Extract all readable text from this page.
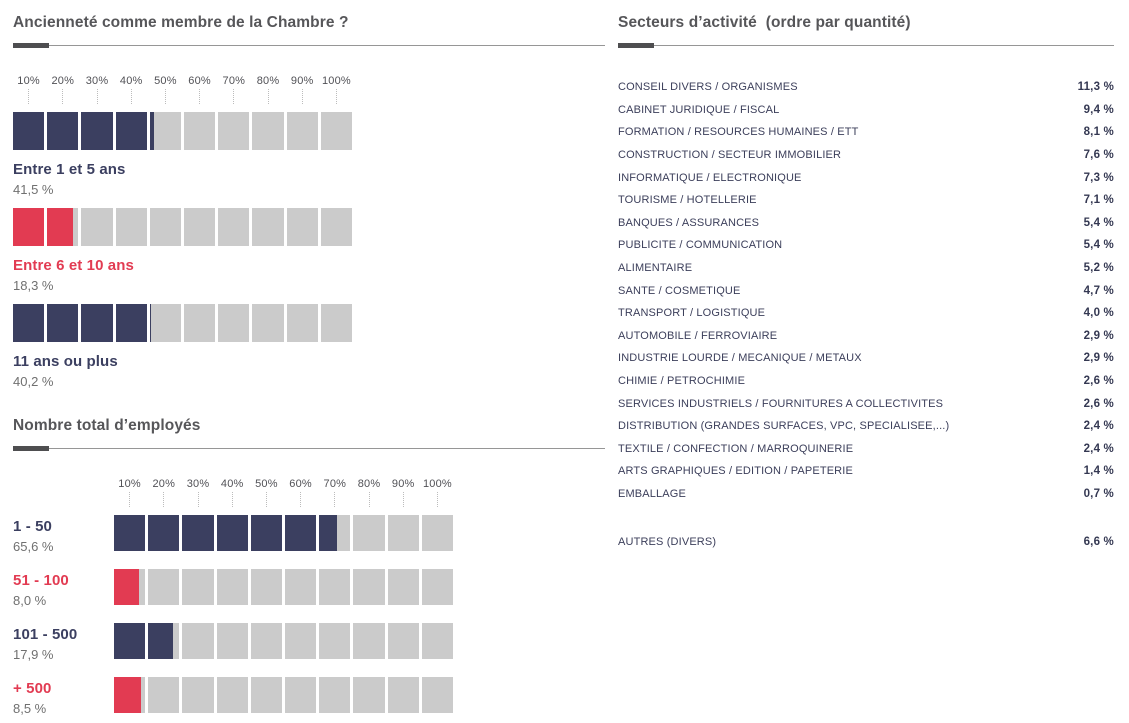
Ancienneté comme membre de la Chambre ?
10%	20%	30%	40%	50%	60%	70%	80%	90% 100%
Entre 1 et 5 ans
41,5 %
Entre 6 et 10 ans
18,3 %
11 ans ou plus
40,2 %
Nombre total d’employés
10%	20%	30%	40%	50%	60%	70%	80%	90% 100%
1 - 50
65,6 %
51 - 100
8,0 %
101 - 500
17,9 %
+ 500
8,5 %
Secteurs d’activité  (ordre par quantité)
CONSEIL DIVERS / ORGANISMES	11,3 %
CABINET JURIDIQUE / FISCAL	9,4 %
FORMATION / RESOURCES HUMAINES / ETT	8,1 %
CONSTRUCTION / SECTEUR IMMOBILIER	7,6 %
INFORMATIQUE / ELECTRONIQUE	7,3 %
TOURISME / HOTELLERIE	7,1 %
BANQUES / ASSURANCES	5,4 %
PUBLICITE / COMMUNICATION	5,4 %
ALIMENTAIRE	5,2 %
SANTE / COSMETIQUE	4,7 %
TRANSPORT / LOGISTIQUE	4,0 %
AUTOMOBILE / FERROVIAIRE	2,9 %
INDUSTRIE LOURDE / MECANIQUE / METAUX	2,9 %
CHIMIE / PETROCHIMIE	2,6 %
SERVICES INDUSTRIELS / FOURNITURES A COLLECTIVITES	2,6 %
DISTRIBUTION (GRANDES SURFACES, VPC, SPECIALISEE,...)	2,4 %
TEXTILE / CONFECTION / MARROQUINERIE	2,4 %
ARTS GRAPHIQUES / EDITION / PAPETERIE	1,4 %
EMBALLAGE	0,7 %
AUTRES (DIVERS)	6,6 %
